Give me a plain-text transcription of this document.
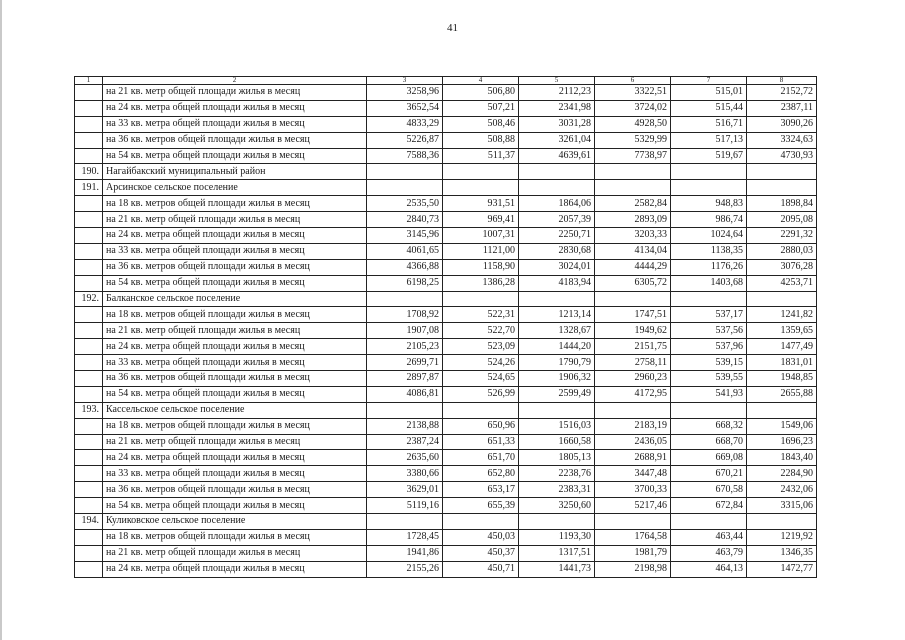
41
1	2	3	4	5	6	7	8
	на 21 кв. метр общей площади жилья в месяц	3258,96	506,80	2112,23	3322,51	515,01	2152,72
	на 24 кв. метра общей площади жилья в месяц	3652,54	507,21	2341,98	3724,02	515,44	2387,11
	на 33 кв. метра общей площади жилья в месяц	4833,29	508,46	3031,28	4928,50	516,71	3090,26
	на 36 кв. метров общей площади жилья в месяц	5226,87	508,88	3261,04	5329,99	517,13	3324,63
	на 54 кв. метра общей площади жилья в месяц	7588,36	511,37	4639,61	7738,97	519,67	4730,93
190.	Нагайбакский муниципальный район						
191.	Арсинское сельское поселение						
	на 18 кв. метров общей площади жилья в месяц	2535,50	931,51	1864,06	2582,84	948,83	1898,84
	на 21 кв. метр общей площади жилья в месяц	2840,73	969,41	2057,39	2893,09	986,74	2095,08
	на 24 кв. метра общей площади жилья в месяц	3145,96	1007,31	2250,71	3203,33	1024,64	2291,32
	на 33 кв. метра общей площади жилья в месяц	4061,65	1121,00	2830,68	4134,04	1138,35	2880,03
	на 36 кв. метров общей площади жилья в месяц	4366,88	1158,90	3024,01	4444,29	1176,26	3076,28
	на 54 кв. метра общей площади жилья в месяц	6198,25	1386,28	4183,94	6305,72	1403,68	4253,71
192.	Балканское сельское поселение						
	на 18 кв. метров общей площади жилья в месяц	1708,92	522,31	1213,14	1747,51	537,17	1241,82
	на 21 кв. метр общей площади жилья в месяц	1907,08	522,70	1328,67	1949,62	537,56	1359,65
	на 24 кв. метра общей площади жилья в месяц	2105,23	523,09	1444,20	2151,75	537,96	1477,49
	на 33 кв. метра общей площади жилья в месяц	2699,71	524,26	1790,79	2758,11	539,15	1831,01
	на 36 кв. метров общей площади жилья в месяц	2897,87	524,65	1906,32	2960,23	539,55	1948,85
	на 54 кв. метра общей площади жилья в месяц	4086,81	526,99	2599,49	4172,95	541,93	2655,88
193.	Кассельское сельское поселение						
	на 18 кв. метров общей площади жилья в месяц	2138,88	650,96	1516,03	2183,19	668,32	1549,06
	на 21 кв. метр общей площади жилья в месяц	2387,24	651,33	1660,58	2436,05	668,70	1696,23
	на 24 кв. метра общей площади жилья в месяц	2635,60	651,70	1805,13	2688,91	669,08	1843,40
	на 33 кв. метра общей площади жилья в месяц	3380,66	652,80	2238,76	3447,48	670,21	2284,90
	на 36 кв. метров общей площади жилья в месяц	3629,01	653,17	2383,31	3700,33	670,58	2432,06
	на 54 кв. метра общей площади жилья в месяц	5119,16	655,39	3250,60	5217,46	672,84	3315,06
194.	Куликовское сельское поселение						
	на 18 кв. метров общей площади жилья в месяц	1728,45	450,03	1193,30	1764,58	463,44	1219,92
	на 21 кв. метр общей площади жилья в месяц	1941,86	450,37	1317,51	1981,79	463,79	1346,35
	на 24 кв. метра общей площади жилья в месяц	2155,26	450,71	1441,73	2198,98	464,13	1472,77
